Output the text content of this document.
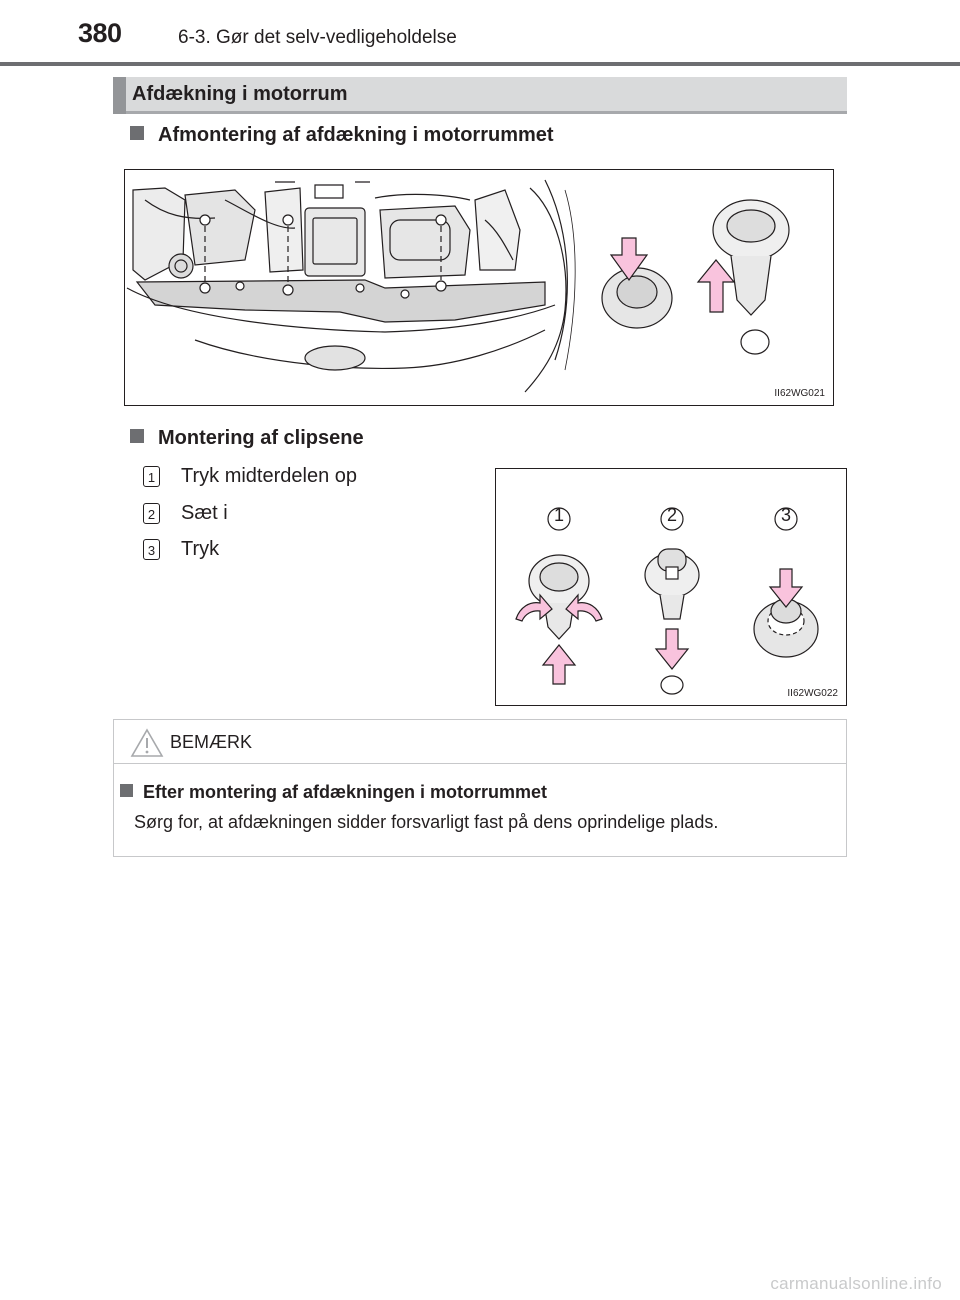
380	6-3. Gør det selv-vedligeholdelse
Afdækning i motorrum
Afmontering af afdækning i motorrummet
II62WG021
Montering af clipsene
1 Tryk midterdelen op
2 Sæt i
3 Tryk
1	2	3
II62WG022
BEMÆRK
Efter montering af afdækningen i motorrummet
Sørg for, at afdækningen sidder forsvarligt fast på dens oprindelige plads.
carmanualsonline.info
